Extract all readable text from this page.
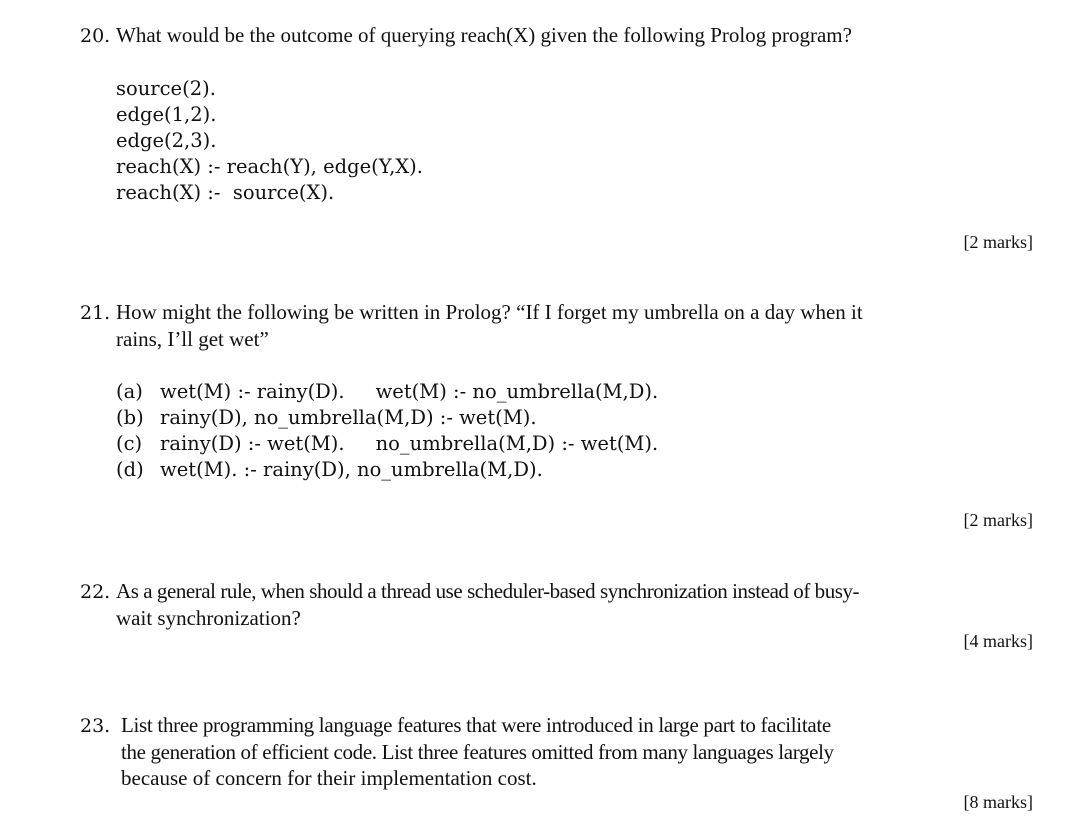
20. What would be the outcome of querying reach(X) given the following Prolog program?
source(2).
edge(1,2).
edge(2,3).
reach(X) :- reach(Y), edge(Y,X).
reach(X) :-  source(X).
[2 marks]
21. How might the following be written in Prolog? “If I forget my umbrella on a day when it
rains, I’ll get wet”
(a) wet(M) :- rainy(D).     wet(M) :- no_umbrella(M,D).
(b) rainy(D), no_umbrella(M,D) :- wet(M).
(c) rainy(D) :- wet(M).     no_umbrella(M,D) :- wet(M).
(d) wet(M). :- rainy(D), no_umbrella(M,D).
[2 marks]
22. As a general rule, when should a thread use scheduler-based synchronization instead of busy-
wait synchronization?
[4 marks]
23. List three programming language features that were introduced in large part to facilitate
the generation of efficient code. List three features omitted from many languages largely
because of concern for their implementation cost.
[8 marks]
